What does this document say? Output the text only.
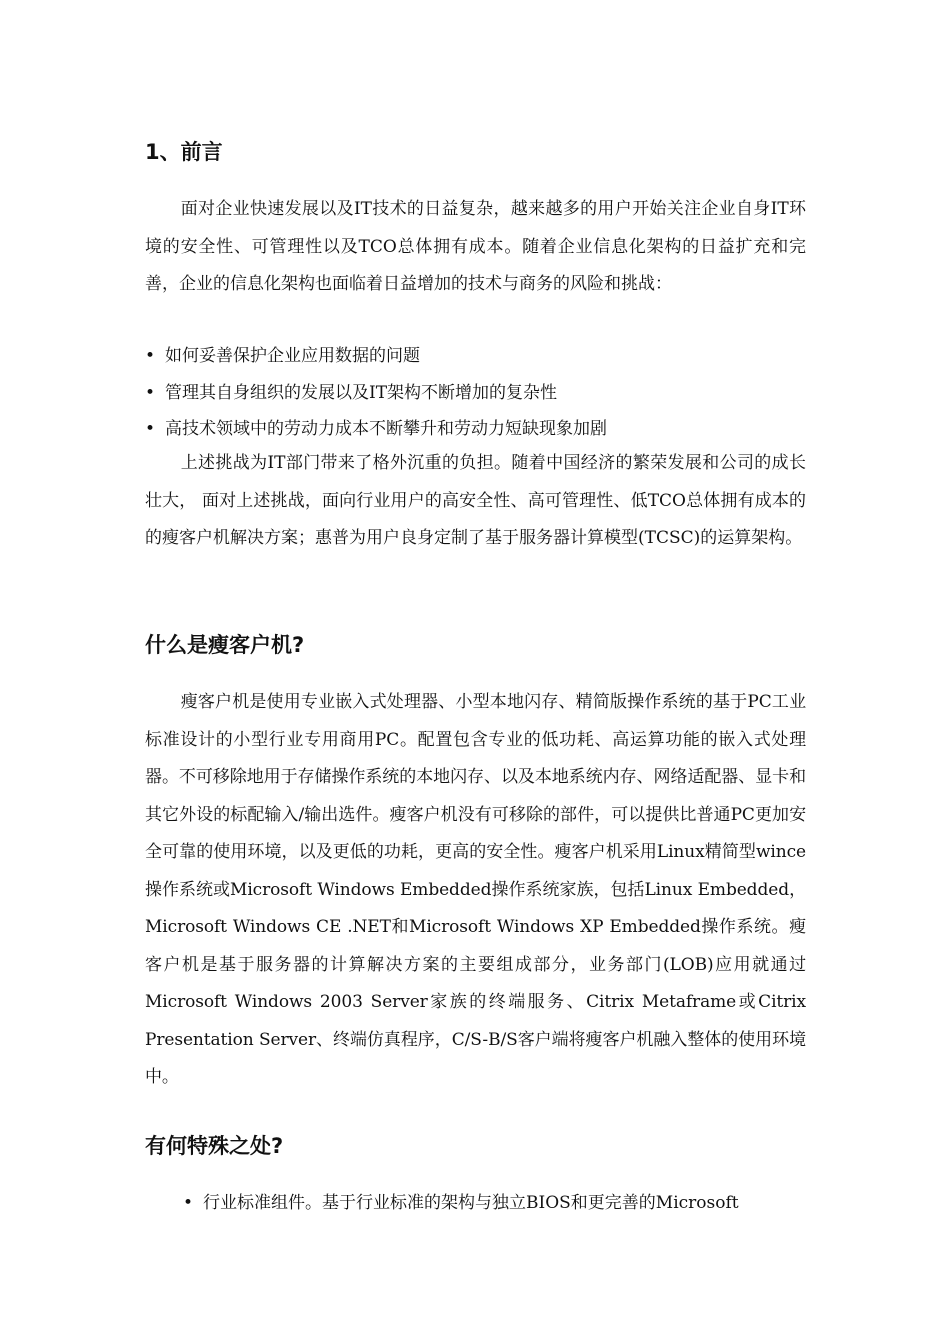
1、前言

面对企业快速发展以及IT技术的日益复杂，越来越多的用户开始关注企业自身IT环境的安全性、可管理性以及TCO总体拥有成本。随着企业信息化架构的日益扩充和完善，企业的信息化架构也面临着日益增加的技术与商务的风险和挑战：

• 如何妥善保护企业应用数据的问题
• 管理其自身组织的发展以及IT架构不断增加的复杂性
• 高技术领域中的劳动力成本不断攀升和劳动力短缺现象加剧

上述挑战为IT部门带来了格外沉重的负担。随着中国经济的繁荣发展和公司的成长壮大， 面对上述挑战，面向行业用户的高安全性、高可管理性、低TCO总体拥有成本的的瘦客户机解决方案；惠普为用户良身定制了基于服务器计算模型(TCSC)的运算架构。

什么是瘦客户机?

瘦客户机是使用专业嵌入式处理器、小型本地闪存、精简版操作系统的基于PC工业标准设计的小型行业专用商用PC。配置包含专业的低功耗、高运算功能的嵌入式处理器。不可移除地用于存储操作系统的本地闪存、以及本地系统内存、网络适配器、显卡和其它外设的标配输入/输出选件。瘦客户机没有可移除的部件，可以提供比普通PC更加安全可靠的使用环境，以及更低的功耗，更高的安全性。瘦客户机采用Linux精简型wince操作系统或Microsoft Windows Embedded操作系统家族，包括Linux Embedded，Microsoft Windows CE .NET和Microsoft Windows XP Embedded操作系统。瘦客户机是基于服务器的计算解决方案的主要组成部分，业务部门(LOB)应用就通过Microsoft Windows 2003 Server家族的终端服务、Citrix Metaframe或Citrix Presentation Server、终端仿真程序，C/S-B/S客户端将瘦客户机融入整体的使用环境中。

有何特殊之处?

• 行业标准组件。基于行业标准的架构与独立BIOS和更完善的Microsoft
